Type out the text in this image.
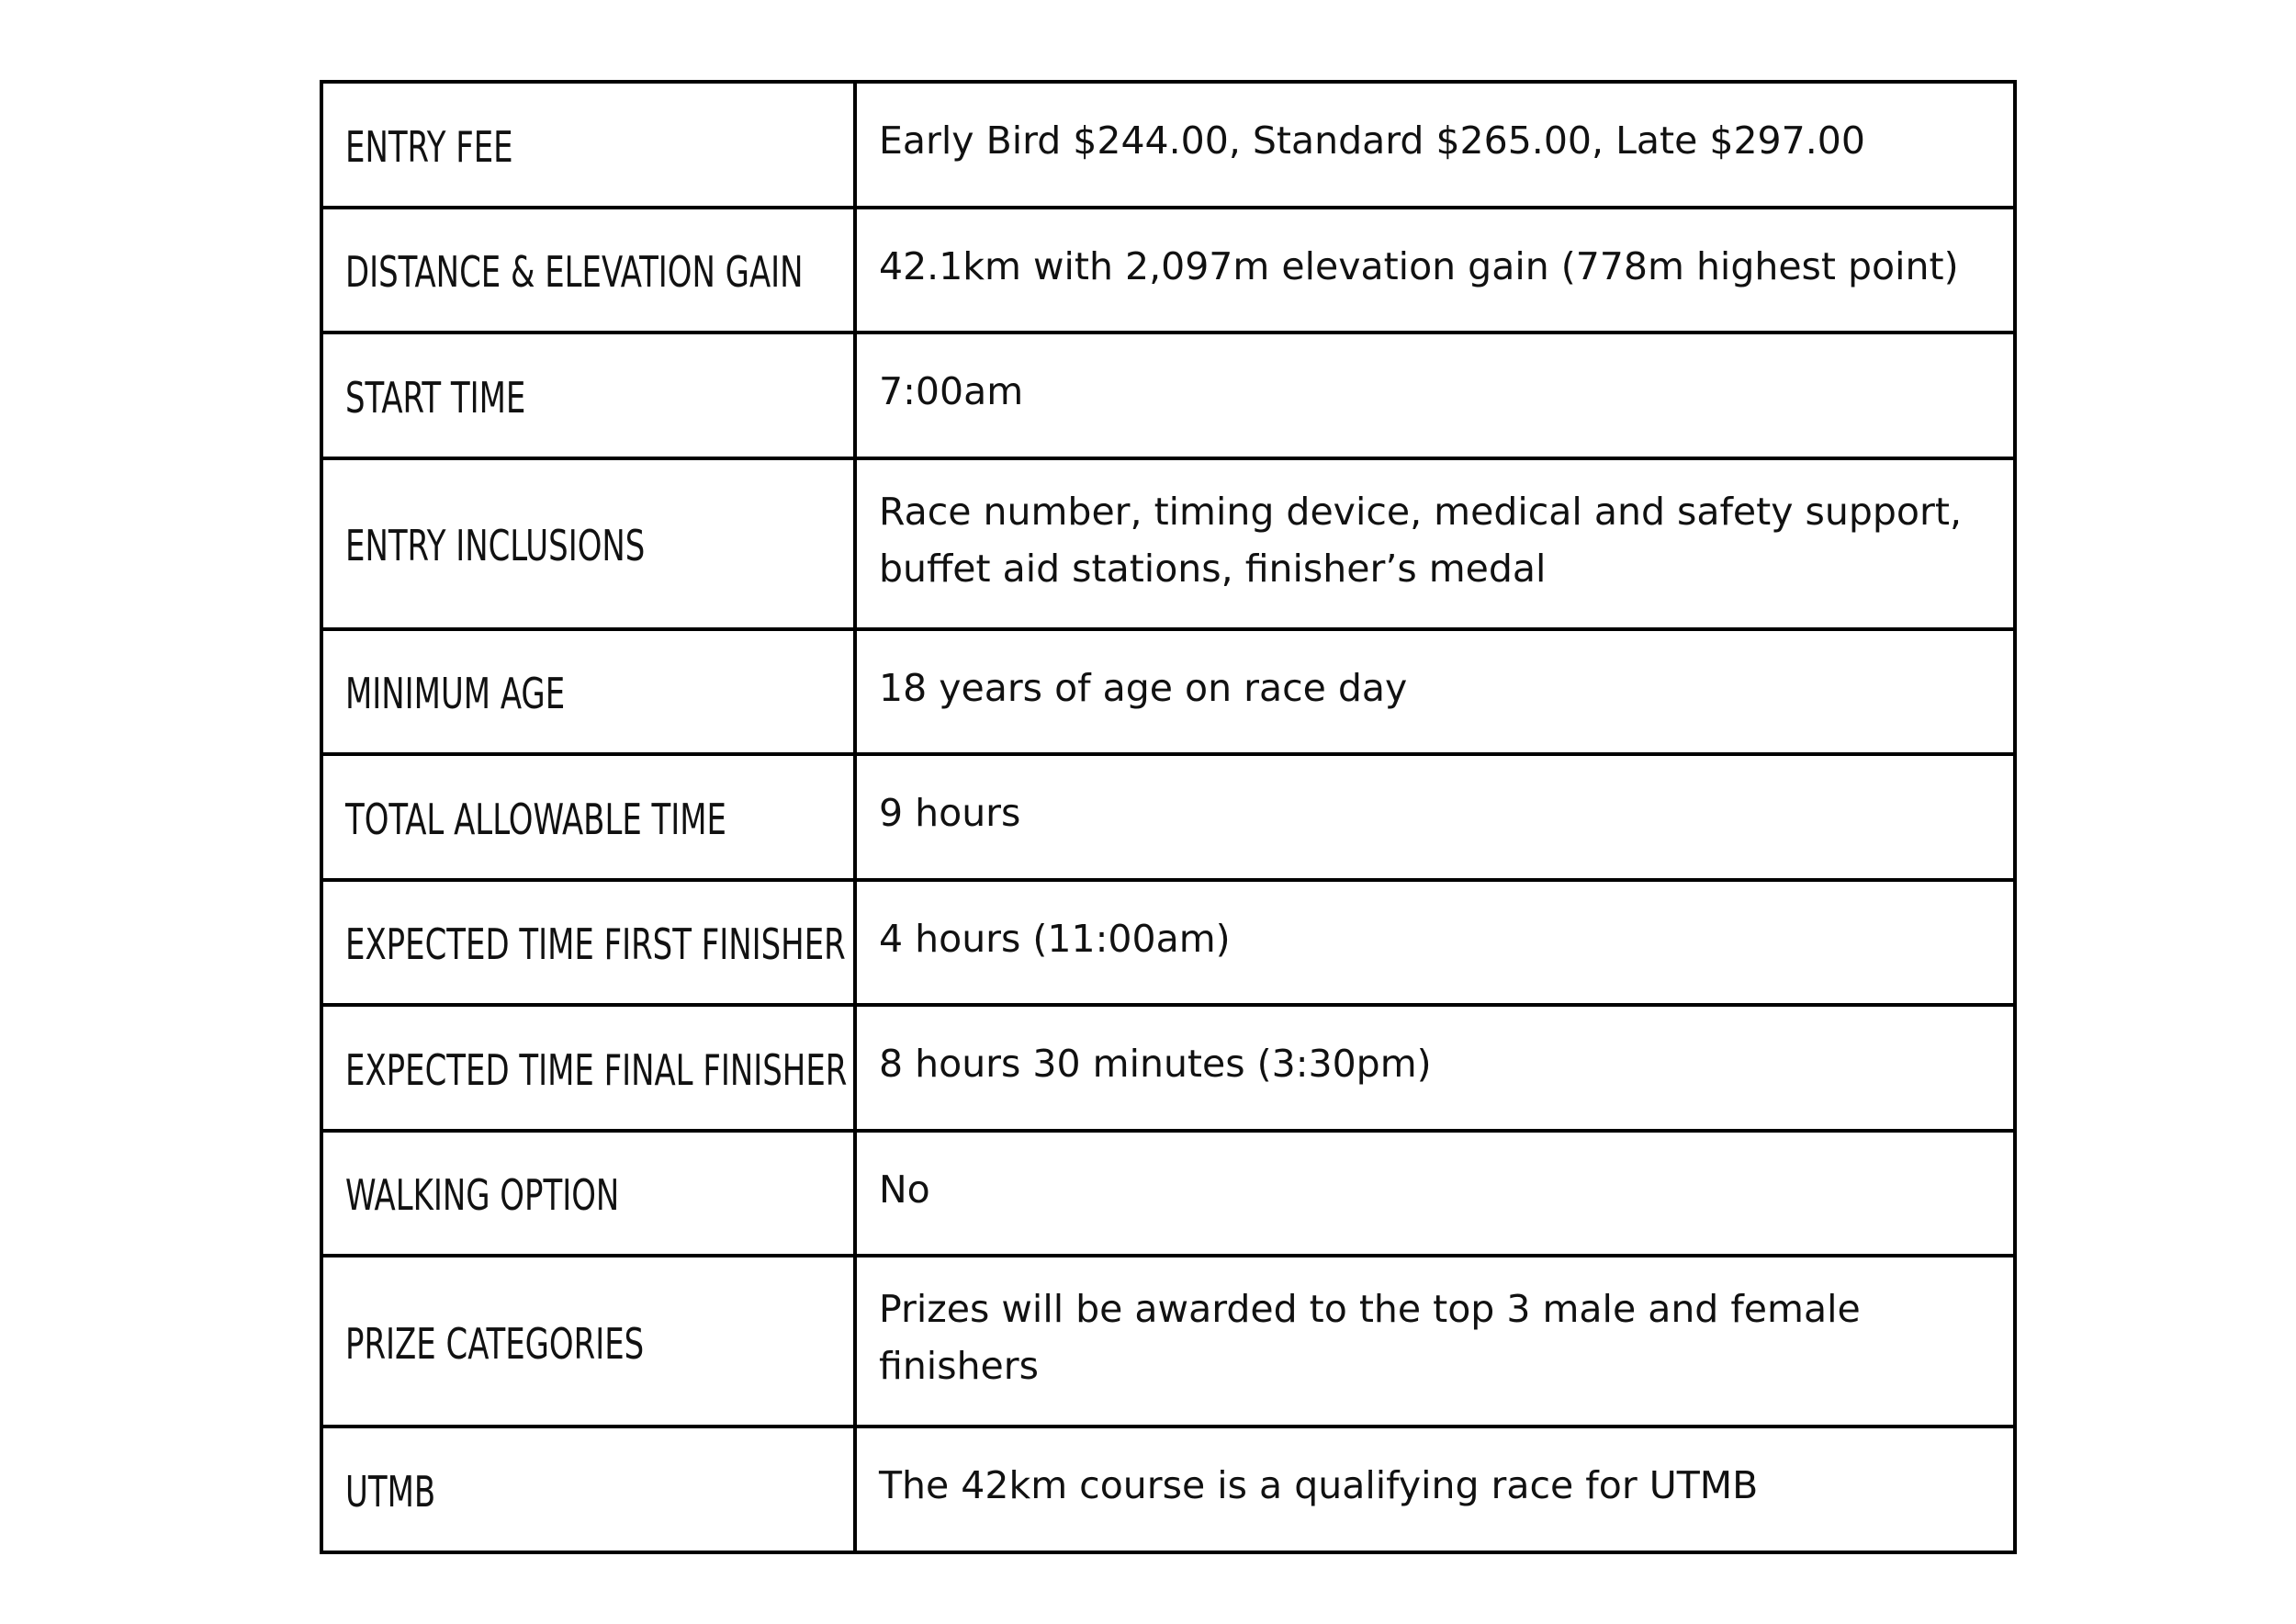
ENTRY FEE	Early Bird $244.00, Standard $265.00, Late $297.00

DISTANCE & ELEVATION GAIN	42.1km with 2,097m elevation gain (778m highest point)

START TIME	7:00am

ENTRY INCLUSIONS	Race number, timing device, medical and safety support, buffet aid stations, finisher’s medal

MINIMUM AGE	18 years of age on race day

TOTAL ALLOWABLE TIME	9 hours

EXPECTED TIME FIRST FINISHER	4 hours (11:00am)

EXPECTED TIME FINAL FINISHER	8 hours 30 minutes (3:30pm)

WALKING OPTION	No

PRIZE CATEGORIES	Prizes will be awarded to the top 3 male and female finishers

UTMB	The 42km course is a qualifying race for UTMB
